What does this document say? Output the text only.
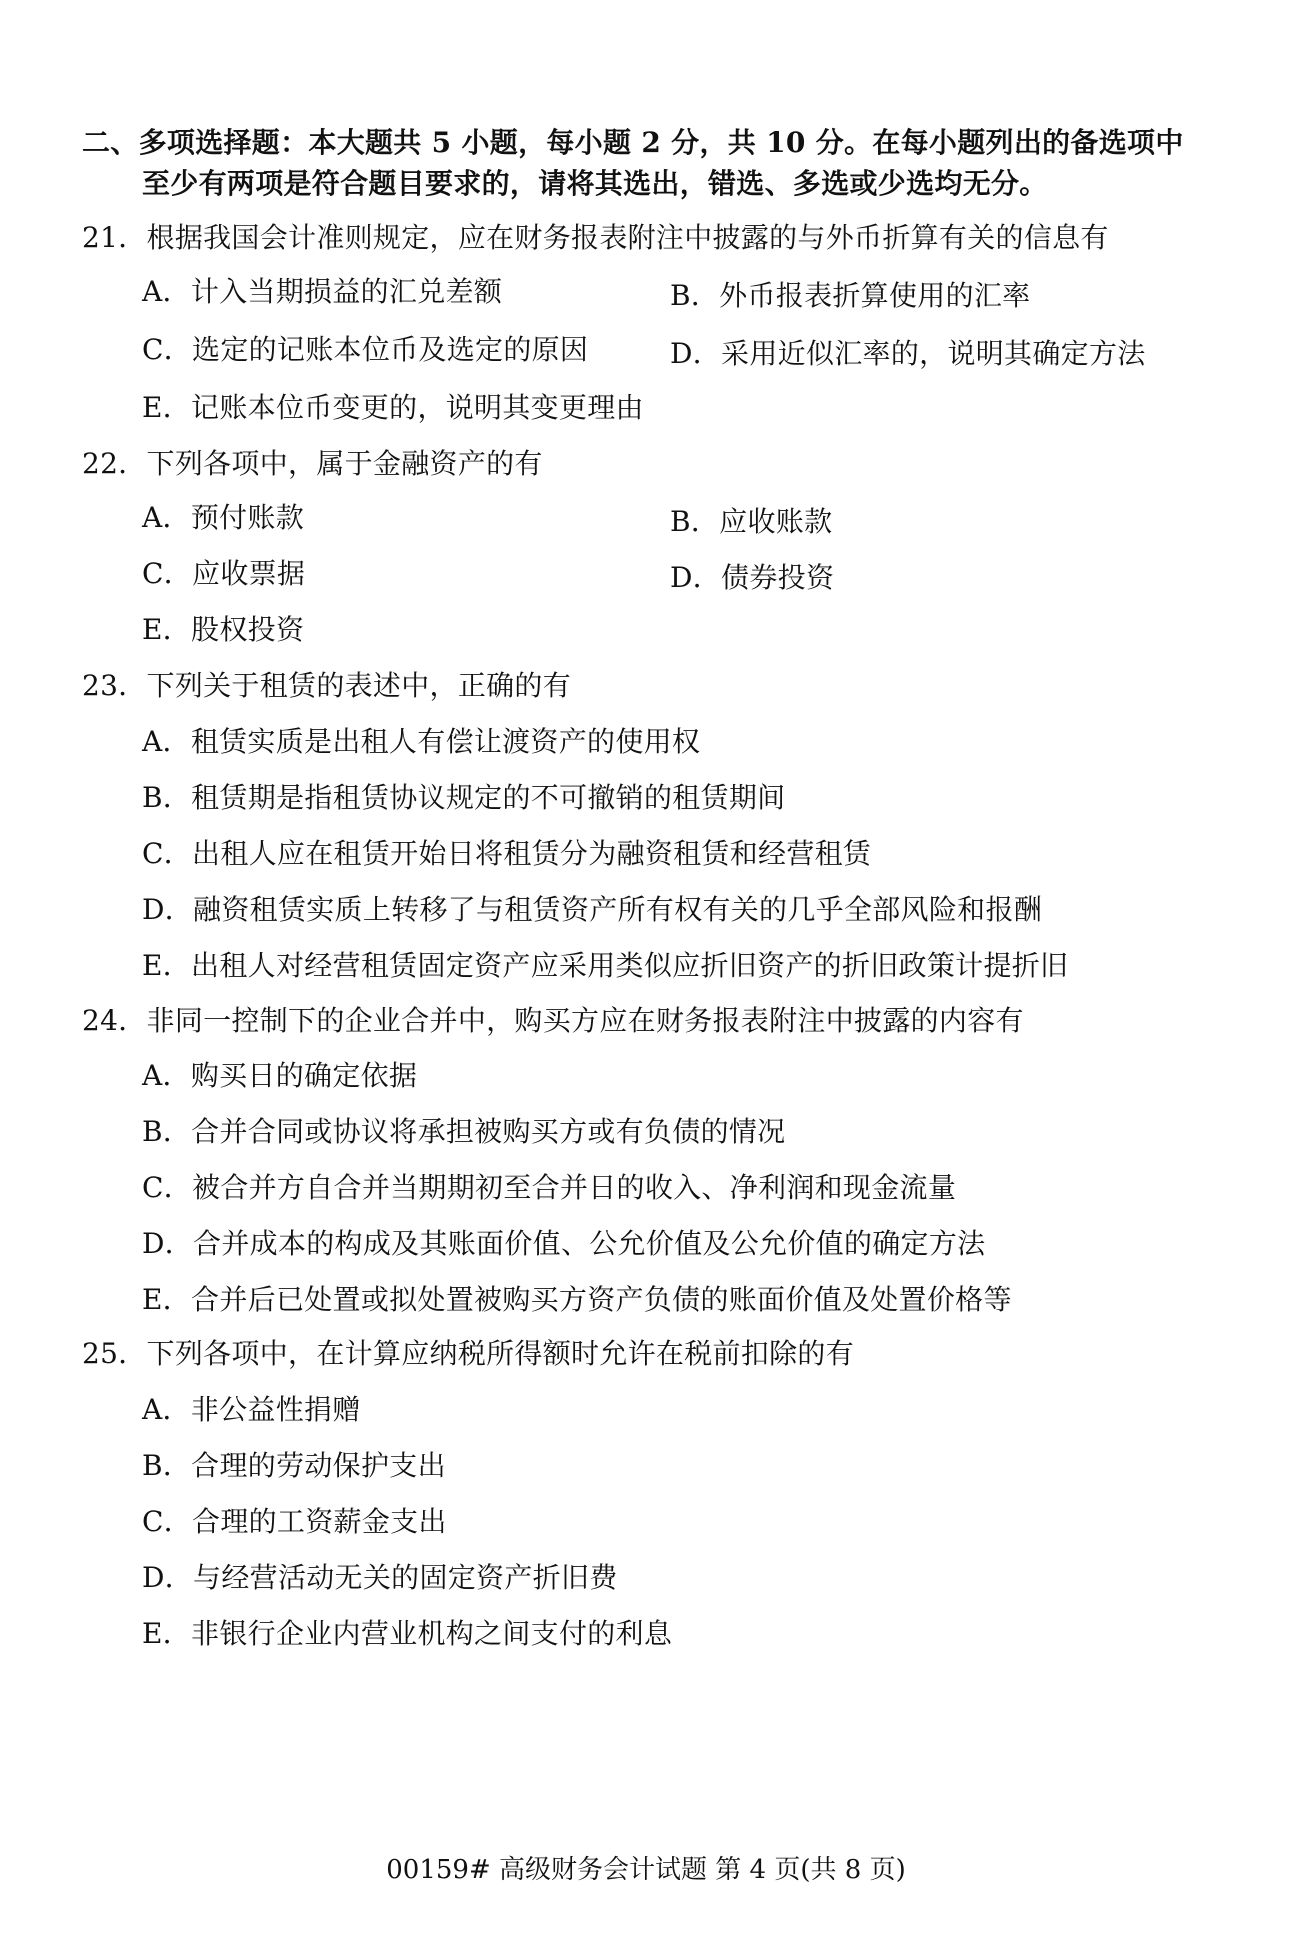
二、多项选择题：本大题共 5 小题，每小题 2 分，共 10 分。在每小题列出的备选项中
至少有两项是符合题目要求的，请将其选出，错选、多选或少选均无分。
21．根据我国会计准则规定，应在财务报表附注中披露的与外币折算有关的信息有
A．计入当期损益的汇兑差额	B．外币报表折算使用的汇率
C．选定的记账本位币及选定的原因	D．采用近似汇率的，说明其确定方法
E．记账本位币变更的，说明其变更理由
22．下列各项中，属于金融资产的有
A．预付账款	B．应收账款
C．应收票据	D．债券投资
E．股权投资
23．下列关于租赁的表述中，正确的有
A．租赁实质是出租人有偿让渡资产的使用权
B．租赁期是指租赁协议规定的不可撤销的租赁期间
C．出租人应在租赁开始日将租赁分为融资租赁和经营租赁
D．融资租赁实质上转移了与租赁资产所有权有关的几乎全部风险和报酬
E．出租人对经营租赁固定资产应采用类似应折旧资产的折旧政策计提折旧
24．非同一控制下的企业合并中，购买方应在财务报表附注中披露的内容有
A．购买日的确定依据
B．合并合同或协议将承担被购买方或有负债的情况
C．被合并方自合并当期期初至合并日的收入、净利润和现金流量
D．合并成本的构成及其账面价值、公允价值及公允价值的确定方法
E．合并后已处置或拟处置被购买方资产负债的账面价值及处置价格等
25．下列各项中，在计算应纳税所得额时允许在税前扣除的有
A．非公益性捐赠
B．合理的劳动保护支出
C．合理的工资薪金支出
D．与经营活动无关的固定资产折旧费
E．非银行企业内营业机构之间支付的利息
00159# 高级财务会计试题 第 4 页(共 8 页)
